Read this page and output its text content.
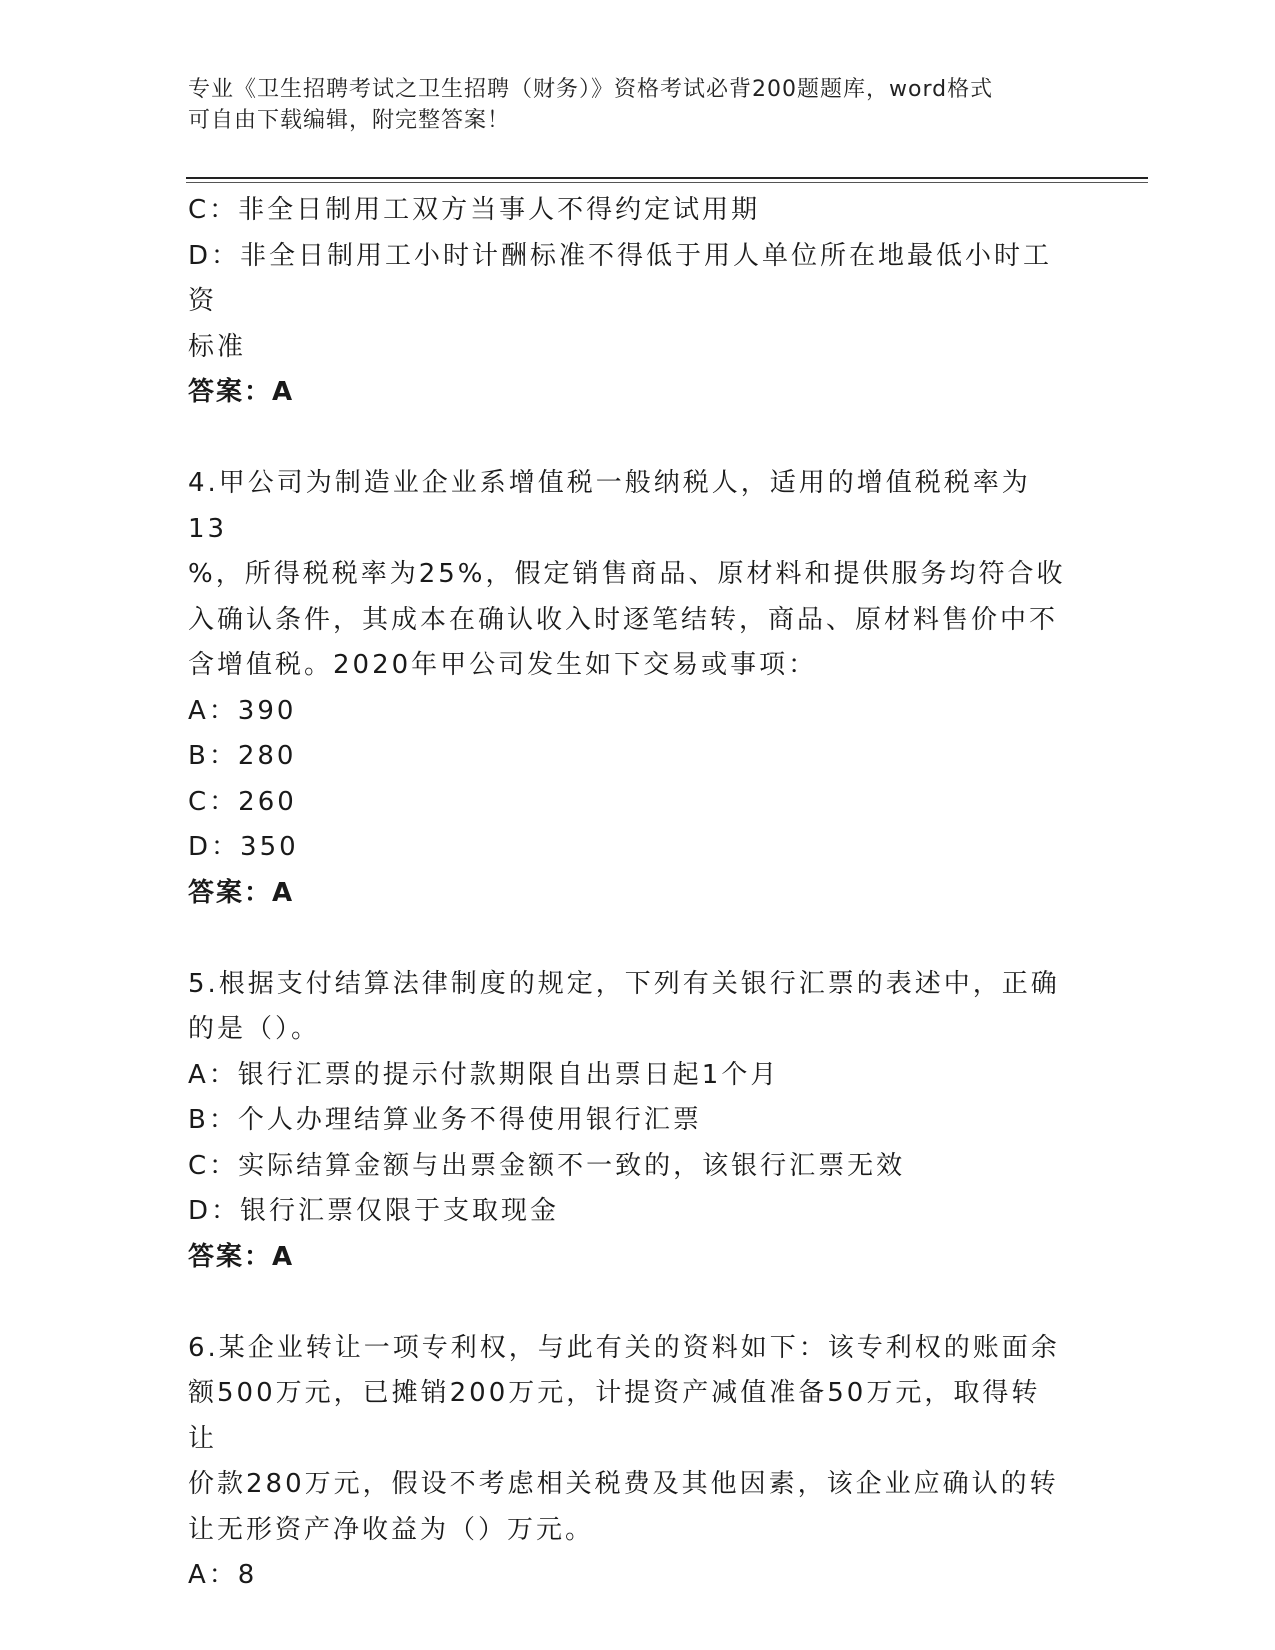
专业《卫生招聘考试之卫生招聘（财务）》资格考试必背200题题库，word格式
可自由下载编辑，附完整答案！

C：非全日制用工双方当事人不得约定试用期

D：非全日制用工小时计酬标准不得低于用人单位所在地最低小时工资

标准

答案：A

4.甲公司为制造业企业系增值税一般纳税人，适用的增值税税率为13

%，所得税税率为25%，假定销售商品、原材料和提供服务均符合收

入确认条件，其成本在确认收入时逐笔结转，商品、原材料售价中不

含增值税。2020年甲公司发生如下交易或事项：

A：390

B：280

C：260

D：350

答案：A

5.根据支付结算法律制度的规定，下列有关银行汇票的表述中，正确

的是（）。

A：银行汇票的提示付款期限自出票日起1个月

B：个人办理结算业务不得使用银行汇票

C：实际结算金额与出票金额不一致的，该银行汇票无效

D：银行汇票仅限于支取现金

答案：A

6.某企业转让一项专利权，与此有关的资料如下：该专利权的账面余

额500万元，已摊销200万元，计提资产减值准备50万元，取得转让

价款280万元，假设不考虑相关税费及其他因素，该企业应确认的转

让无形资产净收益为（）万元。

A：8
